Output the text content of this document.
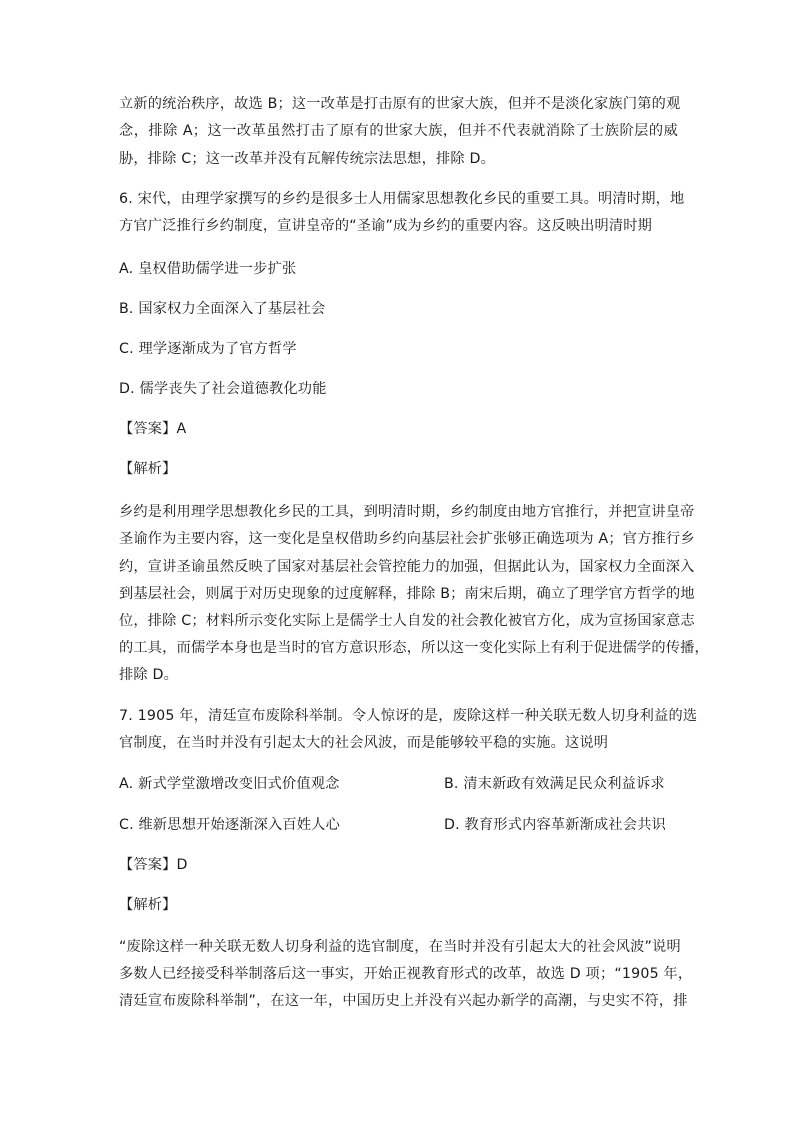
立新的统治秩序，故选 B；这一改革是打击原有的世家大族，但并不是淡化家族门第的观
念，排除 A；这一改革虽然打击了原有的世家大族，但并不代表就消除了士族阶层的威
胁，排除 C；这一改革并没有瓦解传统宗法思想，排除 D。
6. 宋代，由理学家撰写的乡约是很多士人用儒家思想教化乡民的重要工具。明清时期，地
方官广泛推行乡约制度，宣讲皇帝的“圣谕”成为乡约的重要内容。这反映出明清时期
A. 皇权借助儒学进一步扩张
B. 国家权力全面深入了基层社会
C. 理学逐渐成为了官方哲学
D. 儒学丧失了社会道德教化功能
【答案】A
【解析】
乡约是利用理学思想教化乡民的工具，到明清时期，乡约制度由地方官推行，并把宣讲皇帝
圣谕作为主要内容，这一变化是皇权借助乡约向基层社会扩张够正确选项为 A；官方推行乡
约，宣讲圣谕虽然反映了国家对基层社会管控能力的加强，但据此认为，国家权力全面深入
到基层社会，则属于对历史现象的过度解释，排除 B；南宋后期，确立了理学官方哲学的地
位，排除 C；材料所示变化实际上是儒学士人自发的社会教化被官方化，成为宣扬国家意志
的工具，而儒学本身也是当时的官方意识形态，所以这一变化实际上有利于促进儒学的传播，
排除 D。
7. 1905 年，清廷宣布废除科举制。令人惊讶的是，废除这样一种关联无数人切身利益的选
官制度，在当时并没有引起太大的社会风波，而是能够较平稳的实施。这说明
A. 新式学堂激增改变旧式价值观念	B. 清末新政有效满足民众利益诉求
C. 维新思想开始逐渐深入百姓人心	D. 教育形式内容革新渐成社会共识
【答案】D
【解析】
“废除这样一种关联无数人切身利益的选官制度，在当时并没有引起太大的社会风波”说明
多数人已经接受科举制落后这一事实，开始正视教育形式的改革，故选 D 项；“1905 年，
清廷宣布废除科举制”，在这一年，中国历史上并没有兴起办新学的高潮，与史实不符，排
